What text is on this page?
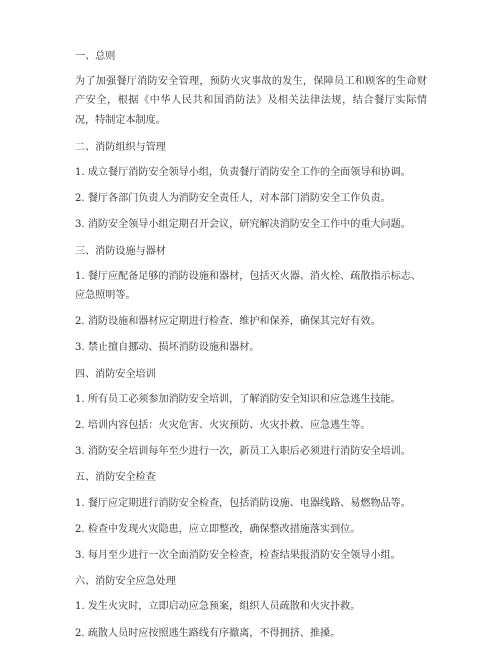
一、总则
为了加强餐厅消防安全管理，预防火灾事故的发生，保障员工和顾客的生命财产安全，根据《中华人民共和国消防法》及相关法律法规，结合餐厅实际情况，特制定本制度。
二、消防组织与管理
1. 成立餐厅消防安全领导小组，负责餐厅消防安全工作的全面领导和协调。
2. 餐厅各部门负责人为消防安全责任人，对本部门消防安全工作负责。
3. 消防安全领导小组定期召开会议，研究解决消防安全工作中的重大问题。
三、消防设施与器材
1. 餐厅应配备足够的消防设施和器材，包括灭火器、消火栓、疏散指示标志、应急照明等。
2. 消防设施和器材应定期进行检查、维护和保养，确保其完好有效。
3. 禁止擅自挪动、损坏消防设施和器材。
四、消防安全培训
1. 所有员工必须参加消防安全培训，了解消防安全知识和应急逃生技能。
2. 培训内容包括：火灾危害、火灾预防、火灾扑救、应急逃生等。
3. 消防安全培训每年至少进行一次，新员工入职后必须进行消防安全培训。
五、消防安全检查
1. 餐厅应定期进行消防安全检查，包括消防设施、电器线路、易燃物品等。
2. 检查中发现火灾隐患，应立即整改，确保整改措施落实到位。
3. 每月至少进行一次全面消防安全检查，检查结果报消防安全领导小组。
六、消防安全应急处理
1. 发生火灾时，立即启动应急预案，组织人员疏散和火灾扑救。
2. 疏散人员时应按照逃生路线有序撤离，不得拥挤、推搡。
